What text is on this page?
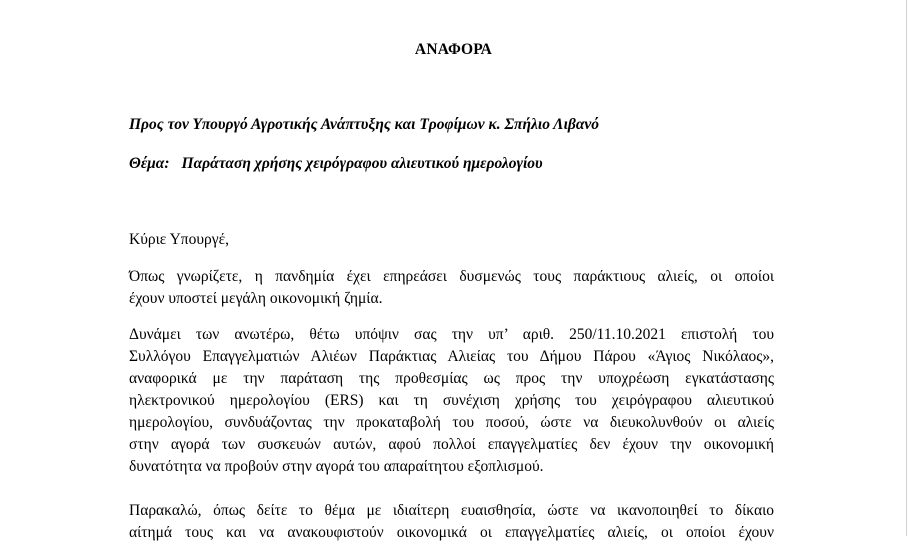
ΑΝΑΦΟΡΑ
Προς τον Υπουργό Αγροτικής Ανάπτυξης και Τροφίμων κ. Σπήλιο Λιβανό
Θέμα: Παράταση χρήσης χειρόγραφου αλιευτικού ημερολογίου
Κύριε Υπουργέ,
Όπως γνωρίζετε, η πανδημία έχει επηρεάσει δυσμενώς τους παράκτιους αλιείς, οι οποίοι
έχουν υποστεί μεγάλη οικονομική ζημία.
Δυνάμει των ανωτέρω, θέτω υπόψιν σας την υπ’ αριθ. 250/11.10.2021 επιστολή του
Συλλόγου Επαγγελματιών Αλιέων Παράκτιας Αλιείας του Δήμου Πάρου «Άγιος Νικόλαος»,
αναφορικά με την παράταση της προθεσμίας ως προς την υποχρέωση εγκατάστασης
ηλεκτρονικού ημερολογίου (ERS) και τη συνέχιση χρήσης του χειρόγραφου αλιευτικού
ημερολογίου, συνδυάζοντας την προκαταβολή του ποσού, ώστε να διευκολυνθούν οι αλιείς
στην αγορά των συσκευών αυτών, αφού πολλοί επαγγελματίες δεν έχουν την οικονομική
δυνατότητα να προβούν στην αγορά του απαραίτητου εξοπλισμού.
Παρακαλώ, όπως δείτε το θέμα με ιδιαίτερη ευαισθησία, ώστε να ικανοποιηθεί το δίκαιο
αίτημά τους και να ανακουφιστούν οικονομικά οι επαγγελματίες αλιείς, οι οποίοι έχουν
